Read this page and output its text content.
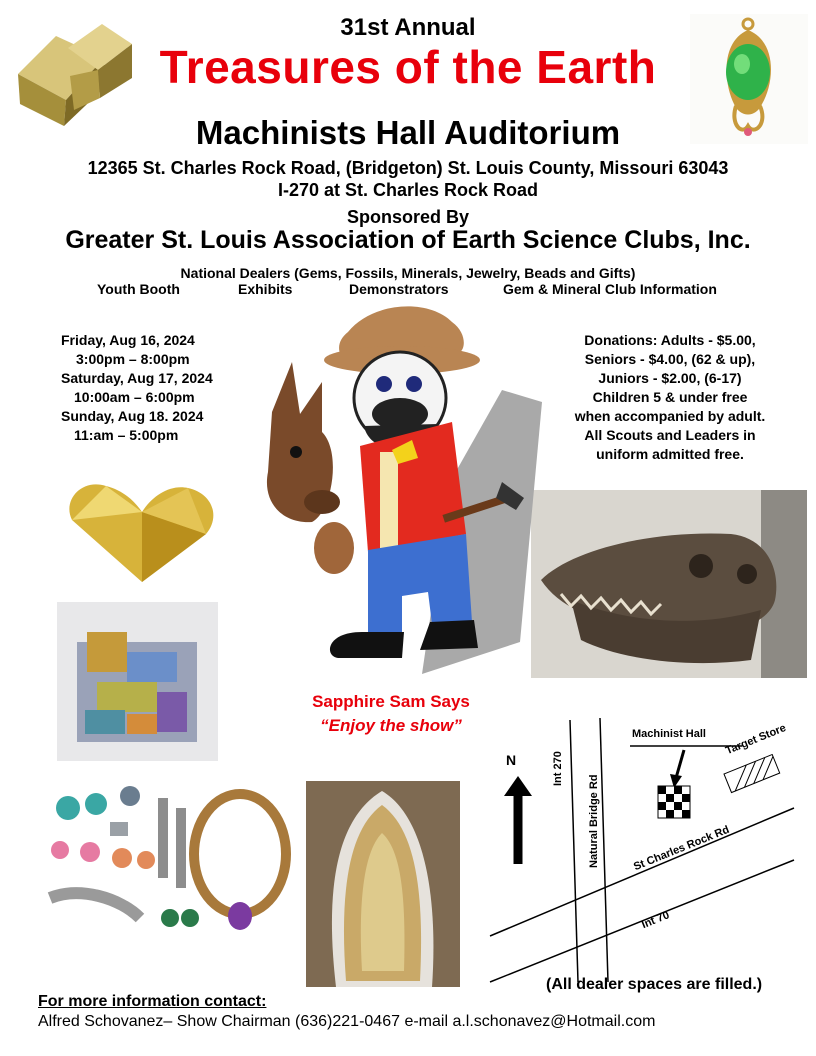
31st Annual
Treasures of the Earth
Machinists Hall Auditorium
12365 St. Charles Rock Road, (Bridgeton) St. Louis County, Missouri 63043
I-270 at St. Charles Rock Road
Sponsored By
Greater St. Louis Association of Earth Science Clubs, Inc.
National Dealers (Gems, Fossils, Minerals, Jewelry, Beads and Gifts)
Youth Booth	Exhibits	Demonstrators	Gem & Mineral Club Information
Friday, Aug 16, 2024
3:00pm – 8:00pm
Saturday, Aug 17, 2024
10:00am – 6:00pm
Sunday, Aug 18. 2024
11:am – 5:00pm
Donations: Adults - $5.00,
Seniors - $4.00, (62 & up),
Juniors - $2.00, (6-17)
Children 5 & under free
when accompanied by adult.
All Scouts and Leaders in
uniform admitted free.
Sapphire Sam Says
“Enjoy the show”
N
Machinist Hall Target Store
Int 270
Natural Bridge Rd	St Charles Rock Rd
Int 70
(All dealer spaces are filled.)
For more information contact:
Alfred Schovanez– Show Chairman (636)221-0467 e-mail a.l.schonavez@Hotmail.com
